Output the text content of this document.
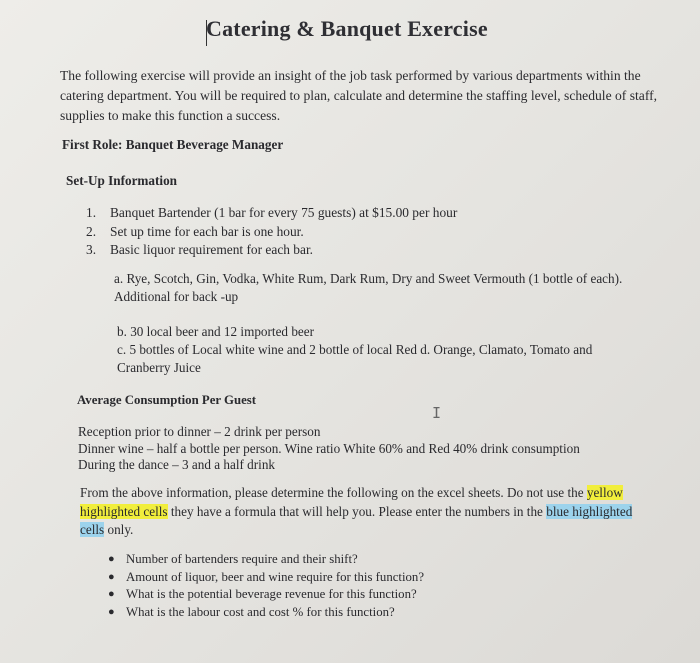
Catering & Banquet Exercise
The following exercise will provide an insight of the job task performed by various departments within the catering department. You will be required to plan, calculate and determine the staffing level, schedule of staff, supplies to make this function a success.
First Role: Banquet Beverage Manager
Set-Up Information
1.	Banquet Bartender (1 bar for every 75 guests) at $15.00 per hour
2.	Set up time for each bar is one hour.
3.	Basic liquor requirement for each bar.
a. Rye, Scotch, Gin, Vodka, White Rum, Dark Rum, Dry and Sweet Vermouth (1 bottle of each). Additional for back -up
b. 30 local beer and 12 imported beer
c. 5 bottles of Local white wine and 2 bottle of local Red d. Orange, Clamato, Tomato and Cranberry Juice
Average Consumption Per Guest
I
Reception prior to dinner – 2 drink per person
Dinner wine – half a bottle per person. Wine ratio White 60% and Red 40% drink consumption
During the dance – 3 and a half drink
From the above information, please determine the following on the excel sheets. Do not use the yellow highlighted cells they have a formula that will help you. Please enter the numbers in the blue highlighted cells only.
● Number of bartenders require and their shift?
● Amount of liquor, beer and wine require for this function?
● What is the potential beverage revenue for this function?
● What is the labour cost and cost % for this function?
